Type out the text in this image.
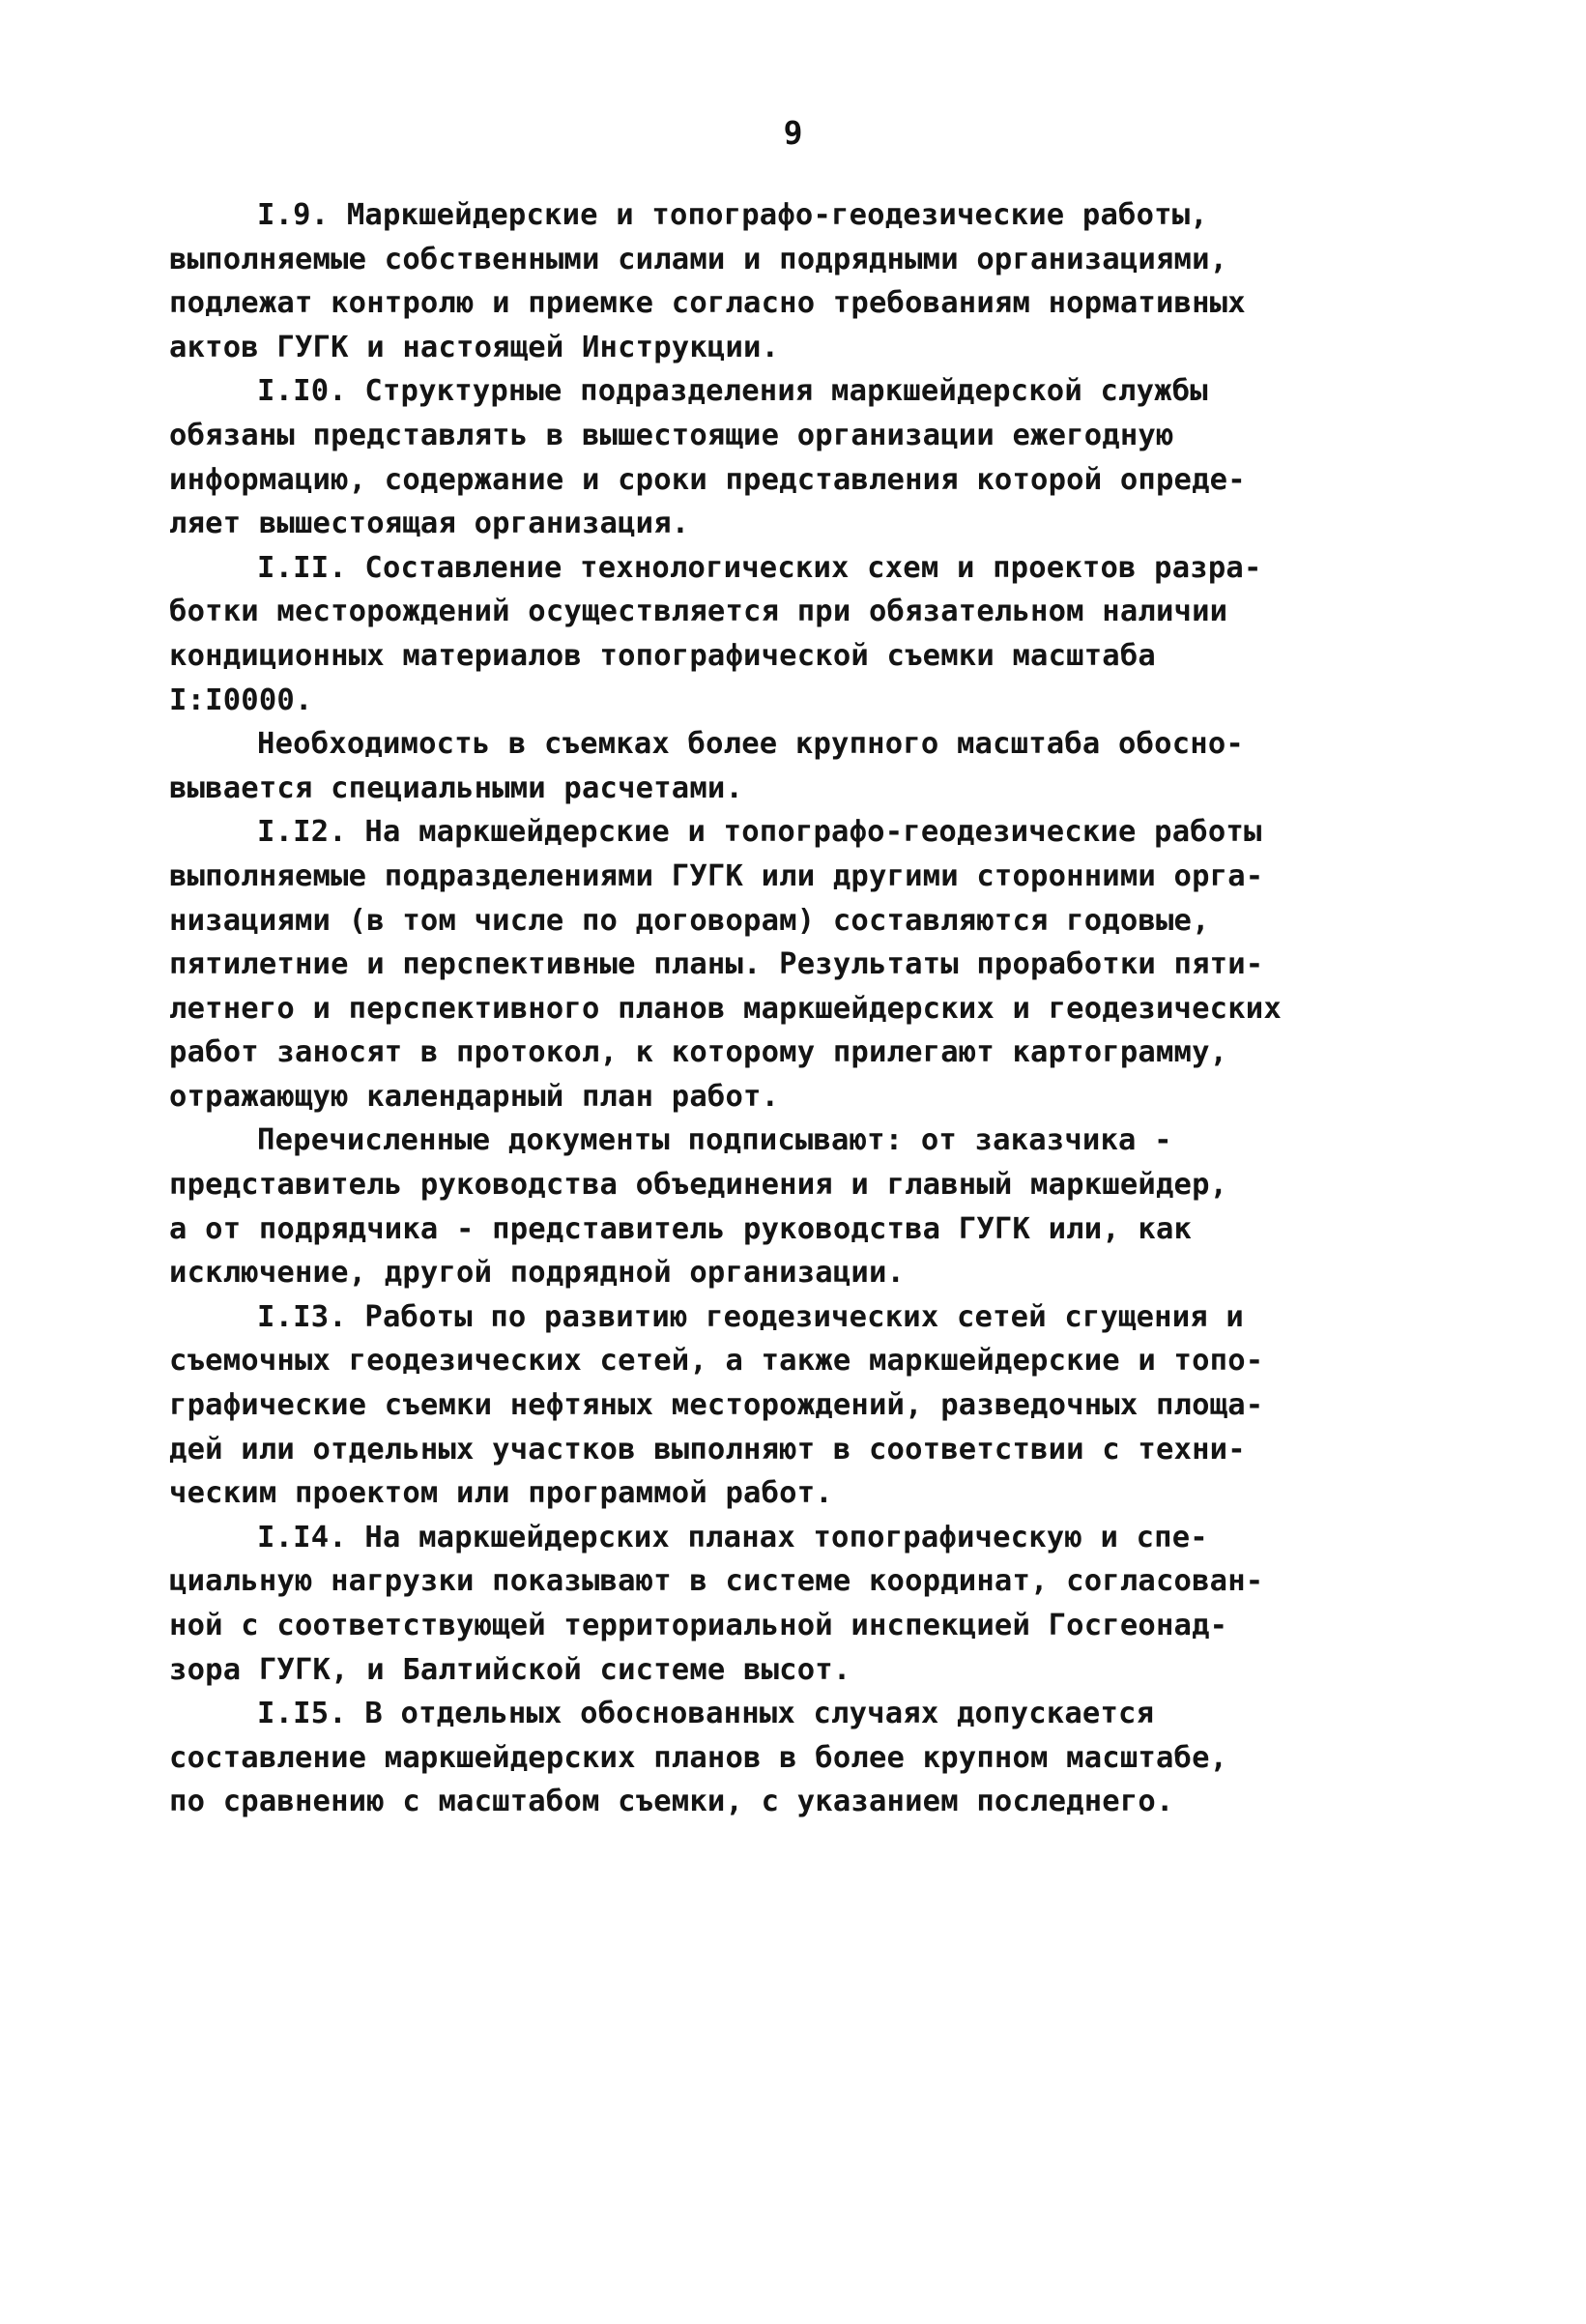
9
I.9. Маркшейдерские и топографо-геодезические работы,
выполняемые собственными силами и подрядными организациями,
подлежат контролю и приемке согласно требованиям нормативных
актов ГУГК и настоящей Инструкции.
I.I0. Структурные подразделения маркшейдерской службы
обязаны представлять в вышестоящие организации ежегодную
информацию, содержание и сроки представления которой опреде-
ляет вышестоящая организация.
I.II. Составление технологических схем и проектов разра-
ботки месторождений осуществляется при обязательном наличии
кондиционных материалов топографической съемки масштаба
I:I0000.
Необходимость в съемках более крупного масштаба обосно-
вывается специальными расчетами.
I.I2. На маркшейдерские и топографо-геодезические работы
выполняемые подразделениями ГУГК или другими сторонними орга-
низациями (в том числе по договорам) составляются годовые,
пятилетние и перспективные планы. Результаты проработки пяти-
летнего и перспективного планов маркшейдерских и геодезических
работ заносят в протокол, к которому прилегают картограмму,
отражающую календарный план работ.
Перечисленные документы подписывают: от заказчика -
представитель руководства объединения и главный маркшейдер,
а от подрядчика - представитель руководства ГУГК или, как
исключение, другой подрядной организации.
I.I3. Работы по развитию геодезических сетей сгущения и
съемочных геодезических сетей, а также маркшейдерские и топо-
графические съемки нефтяных месторождений, разведочных площа-
дей или отдельных участков выполняют в соответствии с техни-
ческим проектом или программой работ.
I.I4. На маркшейдерских планах топографическую и спе-
циальную нагрузки показывают в системе координат, согласован-
ной с соответствующей территориальной инспекцией Госгеонад-
зора ГУГК, и Балтийской системе высот.
I.I5. В отдельных обоснованных случаях допускается
составление маркшейдерских планов в более крупном масштабе,
по сравнению с масштабом съемки, с указанием последнего.
